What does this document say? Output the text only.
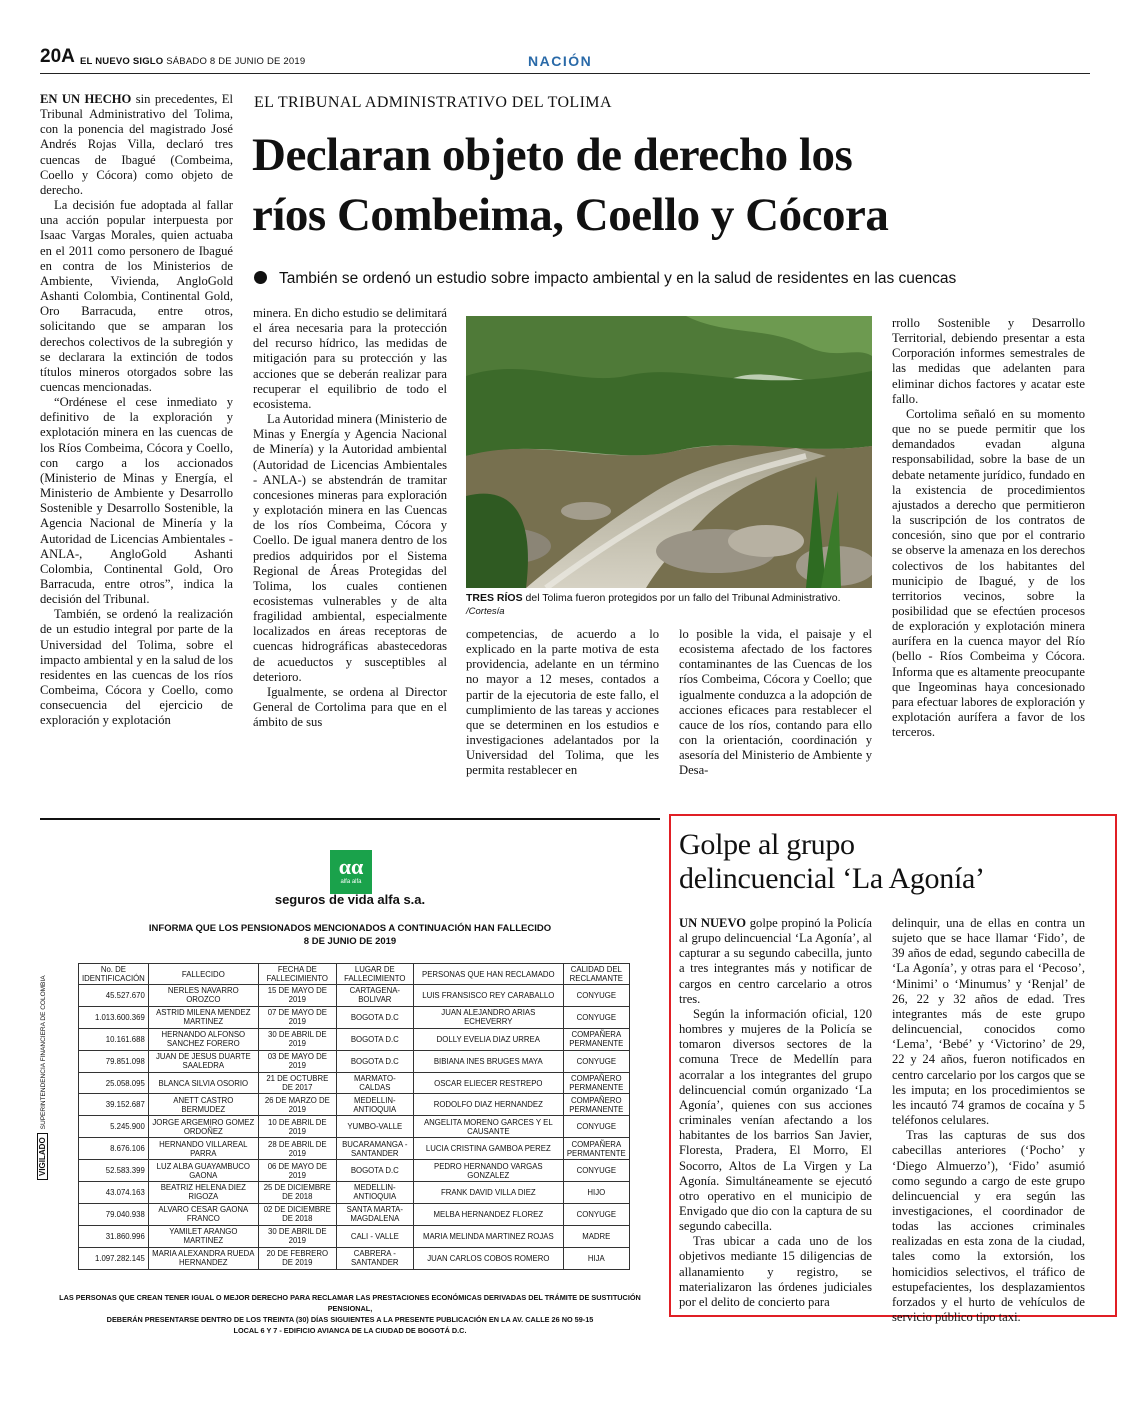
20A EL NUEVO SIGLO SÁBADO 8 DE JUNIO DE 2019	NACIÓN
EL TRIBUNAL ADMINISTRATIVO DEL TOLIMA
Declaran objeto de derecho los
ríos Combeima, Coello y Cócora
También se ordenó un estudio sobre impacto ambiental y en la salud de residentes en las cuencas

EN UN HECHO sin precedentes, El Tribunal Administrativo del Tolima, con la ponencia del magistrado José Andrés Rojas Villa, declaró tres cuencas de Ibagué (Combeima, Coello y Cócora) como objeto de derecho.

La decisión fue adoptada al fallar una acción popular interpuesta por Isaac Vargas Morales, quien actuaba en el 2011 como personero de Ibagué en contra de los Ministerios de Ambiente, Vivienda, AngloGold Ashanti Colombia, Continental Gold, Oro Barracuda, entre otros, solicitando que se amparan los derechos colectivos de la subregión y se declarara la extinción de todos títulos mineros otorgados sobre las cuencas mencionadas.

“Ordénese el cese inmediato y definitivo de la exploración y explotación minera en las cuencas de los Ríos Combeima, Cócora y Coello, con cargo a los accionados (Ministerio de Minas y Energía, el Ministerio de Ambiente y Desarrollo Sostenible y Desarrollo Sostenible, la Agencia Nacional de Minería y la Autoridad de Licencias Ambientales - ANLA-, AngloGold Ashanti Colombia, Continental Gold, Oro Barracuda, entre otros”, indica la decisión del Tribunal.

También, se ordenó la realización de un estudio integral por parte de la Universidad del Tolima, sobre el impacto ambiental y en la salud de los residentes en las cuencas de los ríos Combeima, Cócora y Coello, como consecuencia del ejercicio de exploración y explotación

minera. En dicho estudio se delimitará el área necesaria para la protección del recurso hídrico, las medidas de mitigación para su protección y las acciones que se deberán realizar para recuperar el equilibrio de todo el ecosistema.

La Autoridad minera (Ministerio de Minas y Energía y Agencia Nacional de Minería) y la Autoridad ambiental (Autoridad de Licencias Ambientales - ANLA-) se abstendrán de tramitar concesiones mineras para exploración y explotación minera en las Cuencas de los ríos Combeima, Cócora y Coello. De igual manera dentro de los predios adquiridos por el Sistema Regional de Áreas Protegidas del Tolima, los cuales contienen ecosistemas vulnerables y de alta fragilidad ambiental, especialmente localizados en áreas receptoras de cuencas hidrográficas abastecedoras de acueductos y susceptibles al deterioro.

Igualmente, se ordena al Director General de Cortolima para que en el ámbito de sus

TRES RÍOS del Tolima fueron protegidos por un fallo del Tribunal Administrativo. /Cortesía

competencias, de acuerdo a lo explicado en la parte motiva de esta providencia, adelante en un término no mayor a 12 meses, contados a partir de la ejecutoria de este fallo, el cumplimiento de las tareas y acciones que se determinen en los estudios e investigaciones adelantados por la Universidad del Tolima, que les permita restablecer en

lo posible la vida, el paisaje y el ecosistema afectado de los factores contaminantes de las Cuencas de los ríos Combeima, Cócora y Coello; que igualmente conduzca a la adopción de acciones eficaces para restablecer el cauce de los ríos, contando para ello con la orientación, coordinación y asesoría del Ministerio de Ambiente y Desa-

rrollo Sostenible y Desarrollo Territorial, debiendo presentar a esta Corporación informes semestrales de las medidas que adelanten para eliminar dichos factores y acatar este fallo.

Cortolima señaló en su momento que no se puede permitir que los demandados evadan alguna responsabilidad, sobre la base de un debate netamente jurídico, fundado en la existencia de procedimientos ajustados a derecho que permitieron la suscripción de los contratos de concesión, sino que por el contrario se observe la amenaza en los derechos colectivos de los habitantes del municipio de Ibagué, y de los territorios vecinos, sobre la posibilidad que se efectúen procesos de exploración y explotación minera aurífera en la cuenca mayor del Río (bello - Ríos Combeima y Cócora. Informa que es altamente preocupante que Ingeominas haya concesionado para efectuar labores de exploración y explotación aurífera a favor de los terceros.

Golpe al grupo
delincuencial ‘La Agonía’

UN NUEVO golpe propinó la Policía al grupo delincuencial ‘La Agonía’, al capturar a su segundo cabecilla, junto a tres integrantes más y notificar de cargos en centro carcelario a otros tres.

Según la información oficial, 120 hombres y mujeres de la Policía se tomaron diversos sectores de la comuna Trece de Medellín para acorralar a los integrantes del grupo delincuencial común organizado ‘La Agonía’, quienes con sus acciones criminales venían afectando a los habitantes de los barrios San Javier, Floresta, Pradera, El Morro, El Socorro, Altos de La Virgen y La Agonía. Simultáneamente se ejecutó otro operativo en el municipio de Envigado que dio con la captura de su segundo cabecilla.

Tras ubicar a cada uno de los objetivos mediante 15 diligencias de allanamiento y registro, se materializaron las órdenes judiciales por el delito de concierto para

delinquir, una de ellas en contra un sujeto que se hace llamar ‘Fido’, de 39 años de edad, segundo cabecilla de ‘La Agonía’, y otras para el ‘Pecoso’, ‘Minimi’ o ‘Minumus’ y ‘Renjal’ de 26, 22 y 32 años de edad. Tres integrantes más de este grupo delincuencial, conocidos como ‘Lema’, ‘Bebé’ y ‘Victorino’ de 29, 22 y 24 años, fueron notificados en centro carcelario por los cargos que se les imputa; en los procedimientos se les incautó 74 gramos de cocaína y 5 teléfonos celulares.

Tras las capturas de sus dos cabecillas anteriores (‘Pocho’ y ‘Diego Almuerzo’), ‘Fido’ asumió como segundo a cargo de este grupo delincuencial y era según las investigaciones, el coordinador de todas las acciones criminales realizadas en esta zona de la ciudad, tales como la extorsión, los homicidios selectivos, el tráfico de estupefacientes, los desplazamientos forzados y el hurto de vehículos de servicio público tipo taxi.

αα
alfa alfa
seguros de vida alfa s.a.
INFORMA QUE LOS PENSIONADOS MENCIONADOS A CONTINUACIÓN HAN FALLECIDO
8 DE JUNIO DE 2019
No. DE IDENTIFICACIÓN	FALLECIDO	FECHA DE FALLECIMIENTO	LUGAR DE FALLECIMIENTO	PERSONAS QUE HAN RECLAMADO	CALIDAD DEL RECLAMANTE
45.527.670	NERLES NAVARRO OROZCO	15 DE MAYO DE 2019	CARTAGENA-BOLIVAR	LUIS FRANSISCO REY CARABALLO	CONYUGE
1.013.600.369	ASTRID MILENA MENDEZ MARTINEZ	07 DE MAYO DE 2019	BOGOTA D.C	JUAN ALEJANDRO ARIAS ECHEVERRY	CONYUGE
10.161.688	HERNANDO ALFONSO SANCHEZ FORERO	30 DE ABRIL DE 2019	BOGOTA D.C	DOLLY EVELIA DIAZ URREA	COMPAÑERA PERMANENTE
79.851.098	JUAN DE JESUS DUARTE SAALEDRA	03 DE MAYO DE 2019	BOGOTA D.C	BIBIANA INES BRUGES MAYA	CONYUGE
25.058.095	BLANCA SILVIA OSORIO	21 DE OCTUBRE DE 2017	MARMATO-CALDAS	OSCAR ELIECER RESTREPO	COMPAÑERO PERMANENTE
39.152.687	ANETT CASTRO BERMUDEZ	26 DE MARZO DE 2019	MEDELLIN-ANTIOQUIA	RODOLFO DIAZ HERNANDEZ	COMPAÑERO PERMANENTE
5.245.900	JORGE ARGEMIRO GOMEZ ORDOÑEZ	10 DE ABRIL DE 2019	YUMBO-VALLE	ANGELITA MORENO GARCES Y EL CAUSANTE	CONYUGE
8.676.106	HERNANDO VILLAREAL PARRA	28 DE ABRIL DE 2019	BUCARAMANGA - SANTANDER	LUCIA CRISTINA GAMBOA PEREZ	COMPAÑERA PERMANTENTE
52.583.399	LUZ ALBA GUAYAMBUCO GAONA	06 DE MAYO DE 2019	BOGOTA D.C	PEDRO HERNANDO VARGAS GONZALEZ	CONYUGE
43.074.163	BEATRIZ HELENA DIEZ RIGOZA	25 DE DICIEMBRE DE 2018	MEDELLIN-ANTIOQUIA	FRANK DAVID VILLA DIEZ	HIJO
79.040.938	ALVARO CESAR GAONA FRANCO	02 DE DICIEMBRE DE 2018	SANTA MARTA-MAGDALENA	MELBA HERNANDEZ FLOREZ	CONYUGE
31.860.996	YAMILET ARANGO MARTINEZ	30 DE ABRIL DE 2019	CALI - VALLE	MARIA MELINDA MARTINEZ ROJAS	MADRE
1.097.282.145	MARIA ALEXANDRA RUEDA HERNANDEZ	20 DE FEBRERO DE 2019	CABRERA - SANTANDER	JUAN CARLOS COBOS ROMERO	HIJA
LAS PERSONAS QUE CREAN TENER IGUAL O MEJOR DERECHO PARA RECLAMAR LAS PRESTACIONES ECONÓMICAS DERIVADAS DEL TRÁMITE DE SUSTITUCIÓN PENSIONAL,
DEBERÁN PRESENTARSE DENTRO DE LOS TREINTA (30) DÍAS SIGUIENTES A LA PRESENTE PUBLICACIÓN EN LA AV. CALLE 26 NO 59-15
LOCAL 6 Y 7 - EDIFICIO AVIANCA DE LA CIUDAD DE BOGOTÁ D.C.
VIGILADOSUPERINTENDENCIA FINANCIERA DE COLOMBIA
